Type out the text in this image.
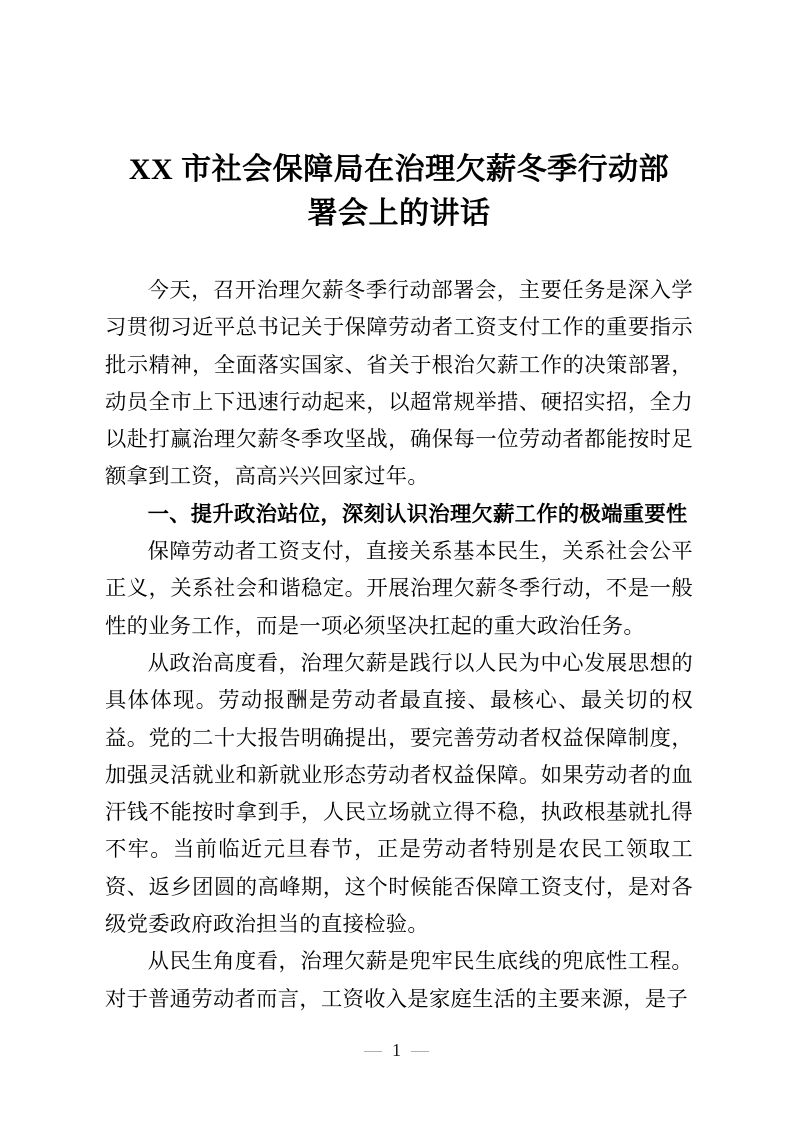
XX 市社会保障局在治理欠薪冬季行动部署会上的讲话

今天，召开治理欠薪冬季行动部署会，主要任务是深入学习贯彻习近平总书记关于保障劳动者工资支付工作的重要指示批示精神，全面落实国家、省关于根治欠薪工作的决策部署，动员全市上下迅速行动起来，以超常规举措、硬招实招，全力以赴打赢治理欠薪冬季攻坚战，确保每一位劳动者都能按时足额拿到工资，高高兴兴回家过年。

一、提升政治站位，深刻认识治理欠薪工作的极端重要性

保障劳动者工资支付，直接关系基本民生，关系社会公平正义，关系社会和谐稳定。开展治理欠薪冬季行动，不是一般性的业务工作，而是一项必须坚决扛起的重大政治任务。

从政治高度看，治理欠薪是践行以人民为中心发展思想的具体体现。劳动报酬是劳动者最直接、最核心、最关切的权益。党的二十大报告明确提出，要完善劳动者权益保障制度，加强灵活就业和新就业形态劳动者权益保障。如果劳动者的血汗钱不能按时拿到手，人民立场就立得不稳，执政根基就扎得不牢。当前临近元旦春节，正是劳动者特别是农民工领取工资、返乡团圆的高峰期，这个时候能否保障工资支付，是对各级党委政府政治担当的直接检验。

从民生角度看，治理欠薪是兜牢民生底线的兜底性工程。对于普通劳动者而言，工资收入是家庭生活的主要来源，是子

— 1 —
